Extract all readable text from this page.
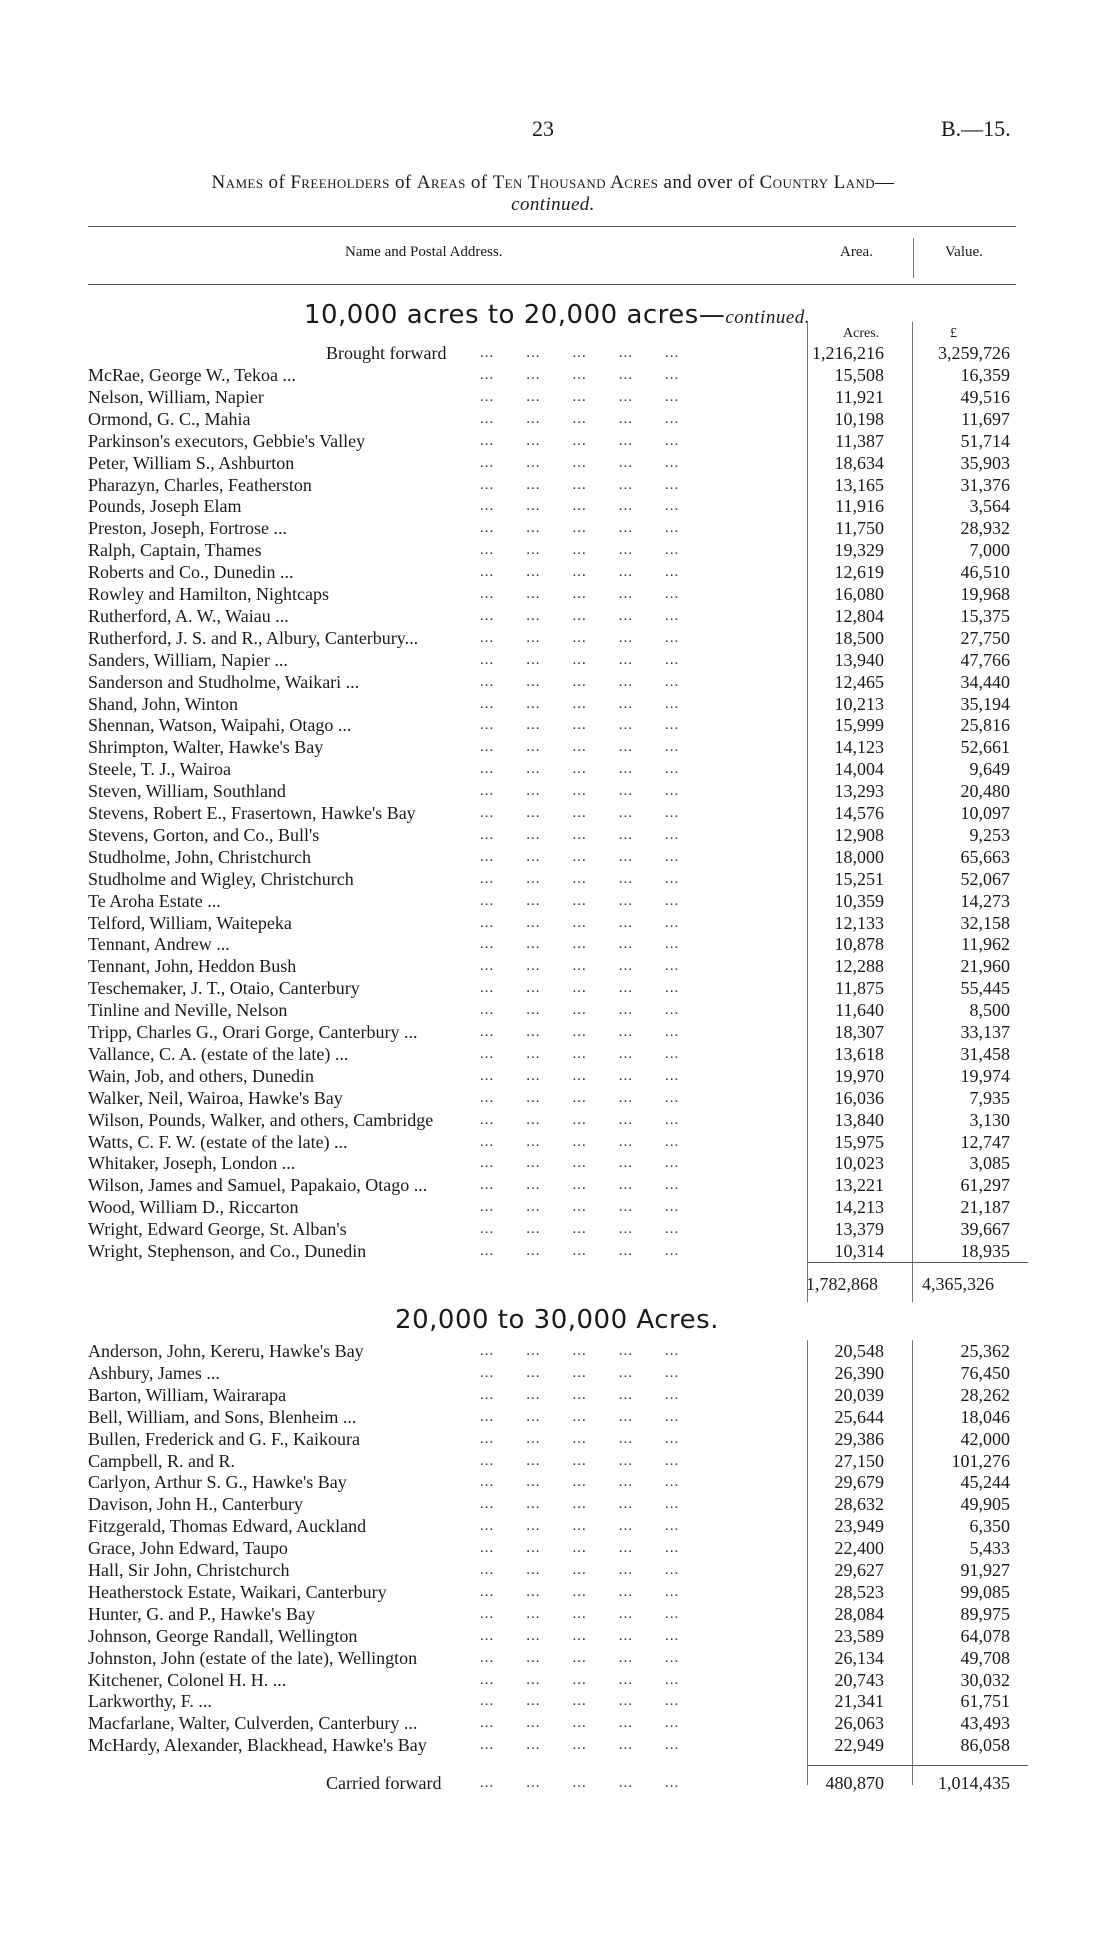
23	B.—15.
Names of Freeholders of Areas of Ten Thousand Acres and over of Country Land—
continued.
Name and Postal Address.	Area.	Value.
10,000 acres to 20,000 acres—continued.
Acres.	£
Brought forward ...  ...  ...  ...  ...	1,216,216	3,259,726
McRae, George W., Tekoa ...	...  ...  ...  ...  ...	15,508	16,359
Nelson, William, Napier	...  ...  ...  ...  ...	11,921	49,516
Ormond, G. C., Mahia	...  ...  ...  ...  ...	10,198	11,697
Parkinson's executors, Gebbie's Valley	...  ...  ...  ...  ...	11,387	51,714
Peter, William S., Ashburton	...  ...  ...  ...  ...	18,634	35,903
Pharazyn, Charles, Featherston	...  ...  ...  ...  ...	13,165	31,376
Pounds, Joseph Elam	...  ...  ...  ...  ...	11,916	3,564
Preston, Joseph, Fortrose ...	...  ...  ...  ...  ...	11,750	28,932
Ralph, Captain, Thames	...  ...  ...  ...  ...	19,329	7,000
Roberts and Co., Dunedin ...	...  ...  ...  ...  ...	12,619	46,510
Rowley and Hamilton, Nightcaps	...  ...  ...  ...  ...	16,080	19,968
Rutherford, A. W., Waiau ...	...  ...  ...  ...  ...	12,804	15,375
Rutherford, J. S. and R., Albury, Canterbury...	...  ...  ...  ...  ...	18,500	27,750
Sanders, William, Napier ...	...  ...  ...  ...  ...	13,940	47,766
Sanderson and Studholme, Waikari ...	...  ...  ...  ...  ...	12,465	34,440
Shand, John, Winton	...  ...  ...  ...  ...	10,213	35,194
Shennan, Watson, Waipahi, Otago ...	...  ...  ...  ...  ...	15,999	25,816
Shrimpton, Walter, Hawke's Bay	...  ...  ...  ...  ...	14,123	52,661
Steele, T. J., Wairoa	...  ...  ...  ...  ...	14,004	9,649
Steven, William, Southland	...  ...  ...  ...  ...	13,293	20,480
Stevens, Robert E., Frasertown, Hawke's Bay	...  ...  ...  ...  ...	14,576	10,097
Stevens, Gorton, and Co., Bull's	...  ...  ...  ...  ...	12,908	9,253
Studholme, John, Christchurch	...  ...  ...  ...  ...	18,000	65,663
Studholme and Wigley, Christchurch	...  ...  ...  ...  ...	15,251	52,067
Te Aroha Estate ...	...  ...  ...  ...  ...	10,359	14,273
Telford, William, Waitepeka	...  ...  ...  ...  ...	12,133	32,158
Tennant, Andrew ...	...  ...  ...  ...  ...	10,878	11,962
Tennant, John, Heddon Bush	...  ...  ...  ...  ...	12,288	21,960
Teschemaker, J. T., Otaio, Canterbury	...  ...  ...  ...  ...	11,875	55,445
Tinline and Neville, Nelson	...  ...  ...  ...  ...	11,640	8,500
Tripp, Charles G., Orari Gorge, Canterbury ...	...  ...  ...  ...  ...	18,307	33,137
Vallance, C. A. (estate of the late) ...	...  ...  ...  ...  ...	13,618	31,458
Wain, Job, and others, Dunedin	...  ...  ...  ...  ...	19,970	19,974
Walker, Neil, Wairoa, Hawke's Bay	...  ...  ...  ...  ...	16,036	7,935
Wilson, Pounds, Walker, and others, Cambridge	...  ...  ...  ...  ...	13,840	3,130
Watts, C. F. W. (estate of the late) ...	...  ...  ...  ...  ...	15,975	12,747
Whitaker, Joseph, London ...	...  ...  ...  ...  ...	10,023	3,085
Wilson, James and Samuel, Papakaio, Otago ...	...  ...  ...  ...  ...	13,221	61,297
Wood, William D., Riccarton	...  ...  ...  ...  ...	14,213	21,187
Wright, Edward George, St. Alban's	...  ...  ...  ...  ...	13,379	39,667
Wright, Stephenson, and Co., Dunedin	...  ...  ...  ...  ...	10,314	18,935
1,782,868 4,365,326
20,000 to 30,000 Acres.
Anderson, John, Kereru, Hawke's Bay	...  ...  ...  ...  ...	20,548	25,362
Ashbury, James ...	...  ...  ...  ...  ...	26,390	76,450
Barton, William, Wairarapa	...  ...  ...  ...  ...	20,039	28,262
Bell, William, and Sons, Blenheim ...	...  ...  ...  ...  ...	25,644	18,046
Bullen, Frederick and G. F., Kaikoura	...  ...  ...  ...  ...	29,386	42,000
Campbell, R. and R.	...  ...  ...  ...  ...	27,150	101,276
Carlyon, Arthur S. G., Hawke's Bay	...  ...  ...  ...  ...	29,679	45,244
Davison, John H., Canterbury	...  ...  ...  ...  ...	28,632	49,905
Fitzgerald, Thomas Edward, Auckland	...  ...  ...  ...  ...	23,949	6,350
Grace, John Edward, Taupo	...  ...  ...  ...  ...	22,400	5,433
Hall, Sir John, Christchurch	...  ...  ...  ...  ...	29,627	91,927
Heatherstock Estate, Waikari, Canterbury	...  ...  ...  ...  ...	28,523	99,085
Hunter, G. and P., Hawke's Bay	...  ...  ...  ...  ...	28,084	89,975
Johnson, George Randall, Wellington	...  ...  ...  ...  ...	23,589	64,078
Johnston, John (estate of the late), Wellington	...  ...  ...  ...  ...	26,134	49,708
Kitchener, Colonel H. H. ...	...  ...  ...  ...  ...	20,743	30,032
Larkworthy, F. ...	...  ...  ...  ...  ...	21,341	61,751
Macfarlane, Walter, Culverden, Canterbury ...	...  ...  ...  ...  ...	26,063	43,493
McHardy, Alexander, Blackhead, Hawke's Bay	...  ...  ...  ...  ...	22,949	86,058
Carried forward	...  ...  ...  ...  ...	480,870	1,014,435
